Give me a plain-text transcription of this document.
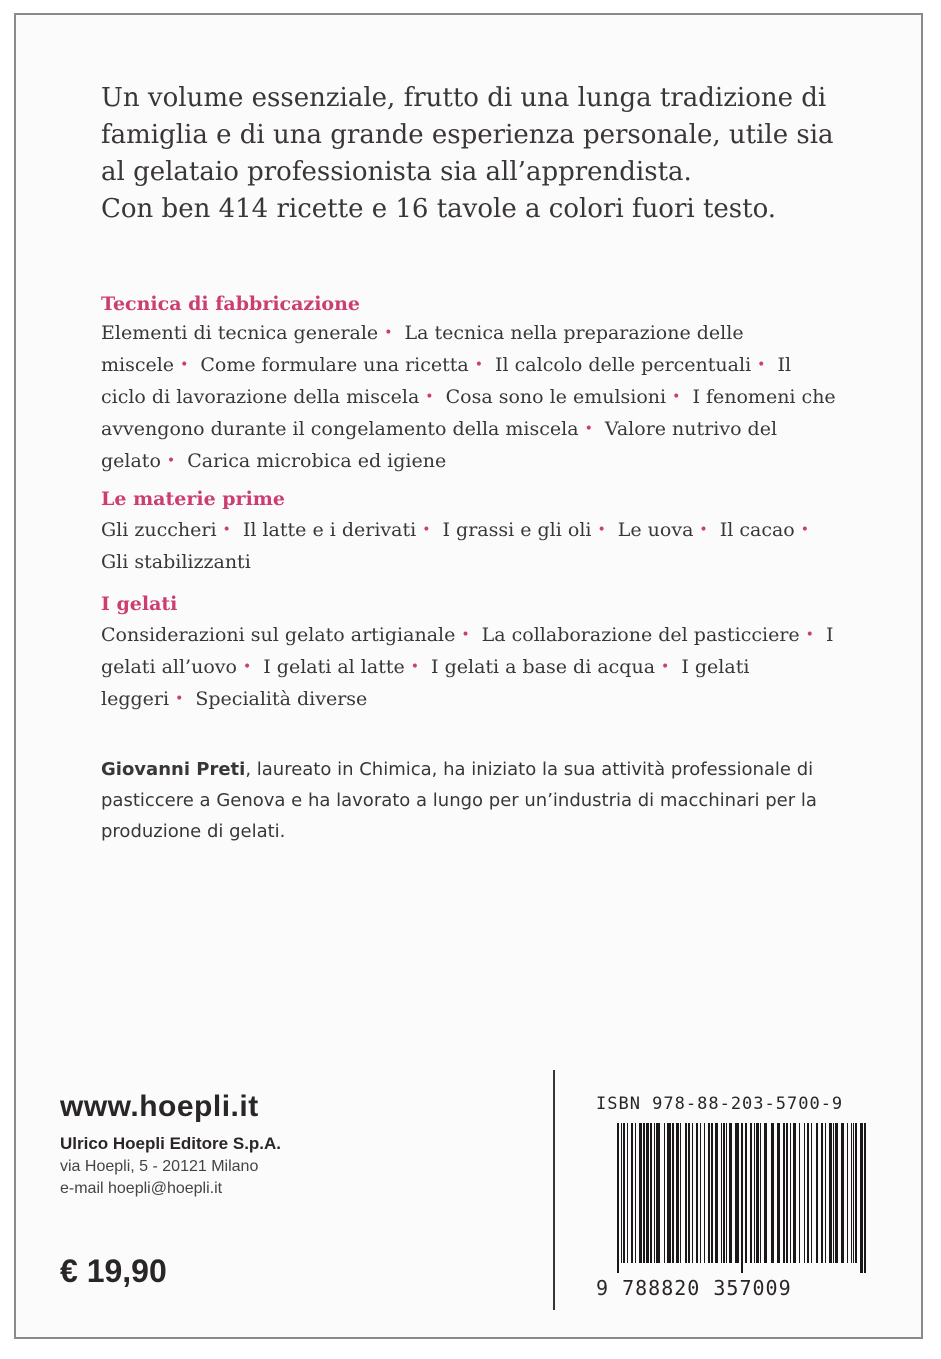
Un volume essenziale, frutto di una lunga tradizione di famiglia e di una grande esperienza personale, utile sia al gelataio professionista sia all’apprendista.
Con ben 414 ricette e 16 tavole a colori fuori testo.

Tecnica di fabbricazione

Elementi di tecnica generale • La tecnica nella preparazione delle miscele • Come formulare una ricetta • Il calcolo delle percentuali • Il ciclo di lavorazione della miscela • Cosa sono le emulsioni • I fenomeni che avvengono durante il congelamento della miscela • Valore nutrivo del gelato • Carica microbica ed igiene

Le materie prime

Gli zuccheri • Il latte e i derivati • I grassi e gli oli • Le uova • Il cacao • Gli stabilizzanti

I gelati

Considerazioni sul gelato artigianale • La collaborazione del pasticciere • I gelati all’uovo • I gelati al latte • I gelati a base di acqua • I gelati leggeri • Specialità diverse

Giovanni Preti, laureato in Chimica, ha iniziato la sua attività professionale di pasticcere a Genova e ha lavorato a lungo per un’industria di macchinari per la produzione di gelati.

www.hoepli.it
Ulrico Hoepli Editore S.p.A.
via Hoepli, 5 - 20121 Milano
e-mail hoepli@hoepli.it
€ 19,90
ISBN 978-88-203-5700-9
9 788820 357009
